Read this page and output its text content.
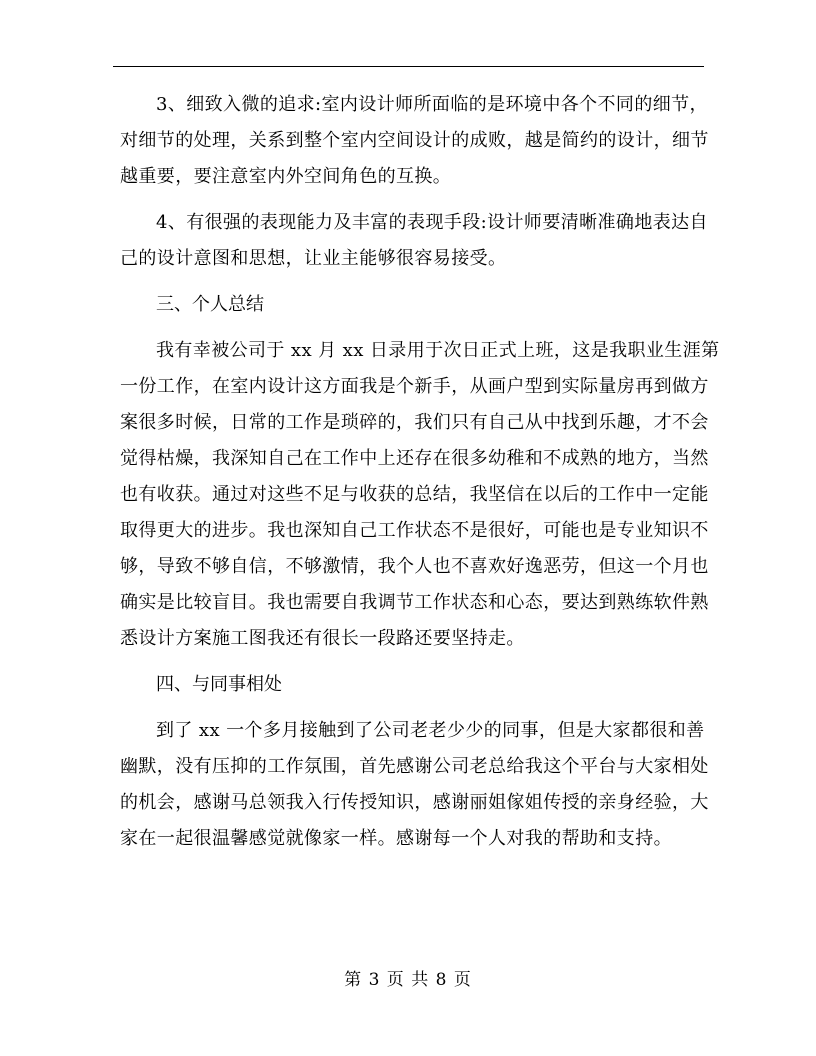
3、细致入微的追求:室内设计师所面临的是环境中各个不同的细节，对细节的处理，关系到整个室内空间设计的成败，越是简约的设计，细节越重要，要注意室内外空间角色的互换。

4、有很强的表现能力及丰富的表现手段:设计师要清晰准确地表达自己的设计意图和思想，让业主能够很容易接受。

三、个人总结

我有幸被公司于 xx 月 xx 日录用于次日正式上班，这是我职业生涯第一份工作，在室内设计这方面我是个新手，从画户型到实际量房再到做方案很多时候，日常的工作是琐碎的，我们只有自己从中找到乐趣，才不会觉得枯燥，我深知自己在工作中上还存在很多幼稚和不成熟的地方，当然也有收获。通过对这些不足与收获的总结，我坚信在以后的工作中一定能取得更大的进步。我也深知自己工作状态不是很好，可能也是专业知识不够，导致不够自信，不够激情，我个人也不喜欢好逸恶劳，但这一个月也确实是比较盲目。我也需要自我调节工作状态和心态，要达到熟练软件熟悉设计方案施工图我还有很长一段路还要坚持走。

四、与同事相处

到了 xx 一个多月接触到了公司老老少少的同事，但是大家都很和善幽默，没有压抑的工作氛围，首先感谢公司老总给我这个平台与大家相处的机会，感谢马总领我入行传授知识，感谢丽姐傢姐传授的亲身经验，大家在一起很温馨感觉就像家一样。感谢每一个人对我的帮助和支持。

第 3 页 共 8 页
